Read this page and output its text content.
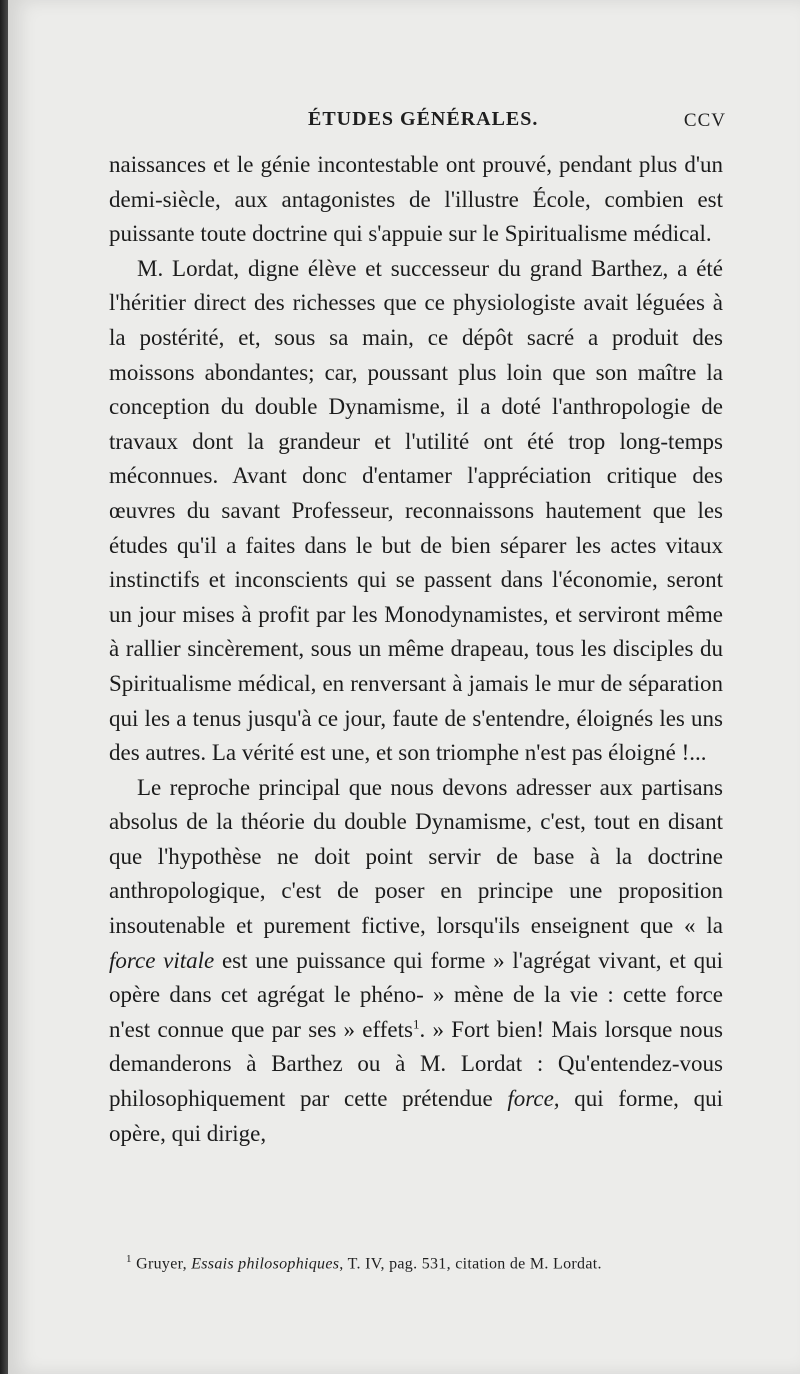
ÉTUDES GÉNÉRALES.	CCV

naissances et le génie incontestable ont prouvé, pendant plus d'un demi-siècle, aux antagonistes de l'illustre École, combien est puissante toute doctrine qui s'appuie sur le Spiritualisme médical.

M. Lordat, digne élève et successeur du grand Barthez, a été l'héritier direct des richesses que ce physiologiste avait léguées à la postérité, et, sous sa main, ce dépôt sacré a produit des moissons abondantes; car, poussant plus loin que son maître la conception du double Dynamisme, il a doté l'anthropologie de travaux dont la grandeur et l'utilité ont été trop long-temps méconnues. Avant donc d'entamer l'appréciation critique des œuvres du savant Professeur, reconnaissons hautement que les études qu'il a faites dans le but de bien séparer les actes vitaux instinctifs et inconscients qui se passent dans l'économie, seront un jour mises à profit par les Monodynamistes, et serviront même à rallier sincèrement, sous un même drapeau, tous les disciples du Spiritualisme médical, en renversant à jamais le mur de séparation qui les a tenus jusqu'à ce jour, faute de s'entendre, éloignés les uns des autres. La vérité est une, et son triomphe n'est pas éloigné !...

Le reproche principal que nous devons adresser aux partisans absolus de la théorie du double Dynamisme, c'est, tout en disant que l'hypothèse ne doit point servir de base à la doctrine anthropologique, c'est de poser en principe une proposition insoutenable et purement fictive, lorsqu'ils enseignent que « la force vitale est une puissance qui forme » l'agrégat vivant, et qui opère dans cet agrégat le phéno- » mène de la vie : cette force n'est connue que par ses » effets$^1$. » Fort bien! Mais lorsque nous demanderons à Barthez ou à M. Lordat : Qu'entendez-vous philosophiquement par cette prétendue force, qui forme, qui opère, qui dirige,

$^1$ Gruyer, Essais philosophiques, T. IV, pag. 531, citation de M. Lordat.
